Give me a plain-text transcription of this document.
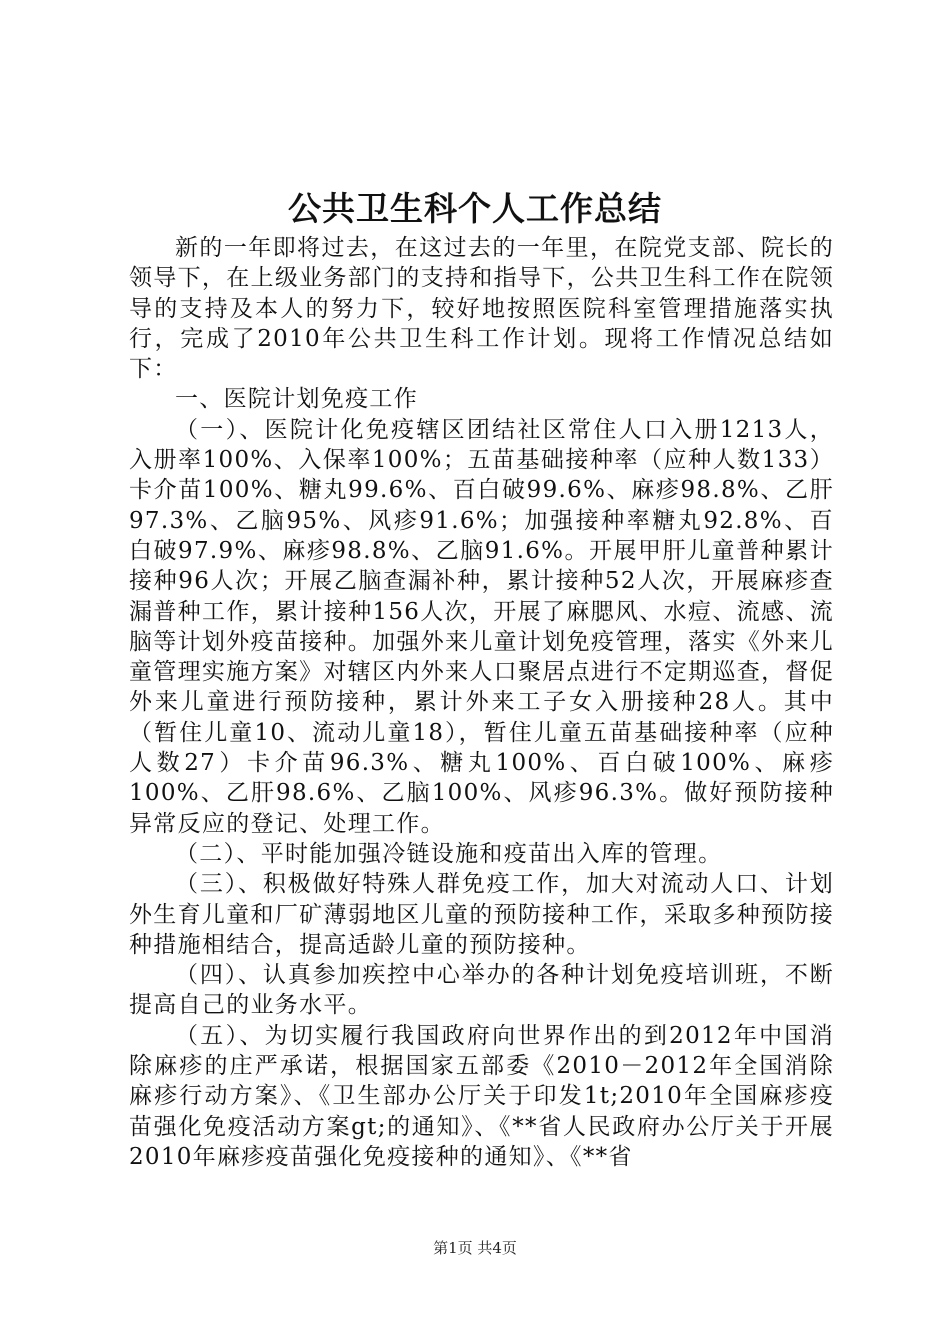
公共卫生科个人工作总结

新的一年即将过去，在这过去的一年里，在院党支部、院长的领导下，在上级业务部门的支持和指导下，公共卫生科工作在院领导的支持及本人的努力下，较好地按照医院科室管理措施落实执行，完成了2010年公共卫生科工作计划。现将工作情况总结如下：

一、医院计划免疫工作

（一）、医院计化免疫辖区团结社区常住人口入册1213人，入册率100%、入保率100%；五苗基础接种率（应种人数133）卡介苗100%、糖丸99.6%、百白破99.6%、麻疹98.8%、乙肝97.3%、乙脑95%、风疹91.6%；加强接种率糖丸92.8%、百白破97.9%、麻疹98.8%、乙脑91.6%。开展甲肝儿童普种累计接种96人次；开展乙脑查漏补种，累计接种52人次，开展麻疹查漏普种工作，累计接种156人次，开展了麻腮风、水痘、流感、流脑等计划外疫苗接种。加强外来儿童计划免疫管理，落实《外来儿童管理实施方案》对辖区内外来人口聚居点进行不定期巡查，督促外来儿童进行预防接种，累计外来工子女入册接种28人。其中（暂住儿童10、流动儿童18），暂住儿童五苗基础接种率（应种人数27）卡介苗96.3%、糖丸100%、百白破100%、麻疹100%、乙肝98.6%、乙脑100%、风疹96.3%。做好预防接种异常反应的登记、处理工作。

（二）、平时能加强冷链设施和疫苗出入库的管理。

（三）、积极做好特殊人群免疫工作，加大对流动人口、计划外生育儿童和厂矿薄弱地区儿童的预防接种工作，采取多种预防接种措施相结合，提高适龄儿童的预防接种。

（四）、认真参加疾控中心举办的各种计划免疫培训班，不断提高自己的业务水平。

（五）、为切实履行我国政府向世界作出的到2012年中国消除麻疹的庄严承诺，根据国家五部委《2010－2012年全国消除麻疹行动方案》、《卫生部办公厅关于印发1t;2010年全国麻疹疫苗强化免疫活动方案gt;的通知》、《**省人民政府办公厅关于开展2010年麻疹疫苗强化免疫接种的通知》、《**省

第1页 共4页
